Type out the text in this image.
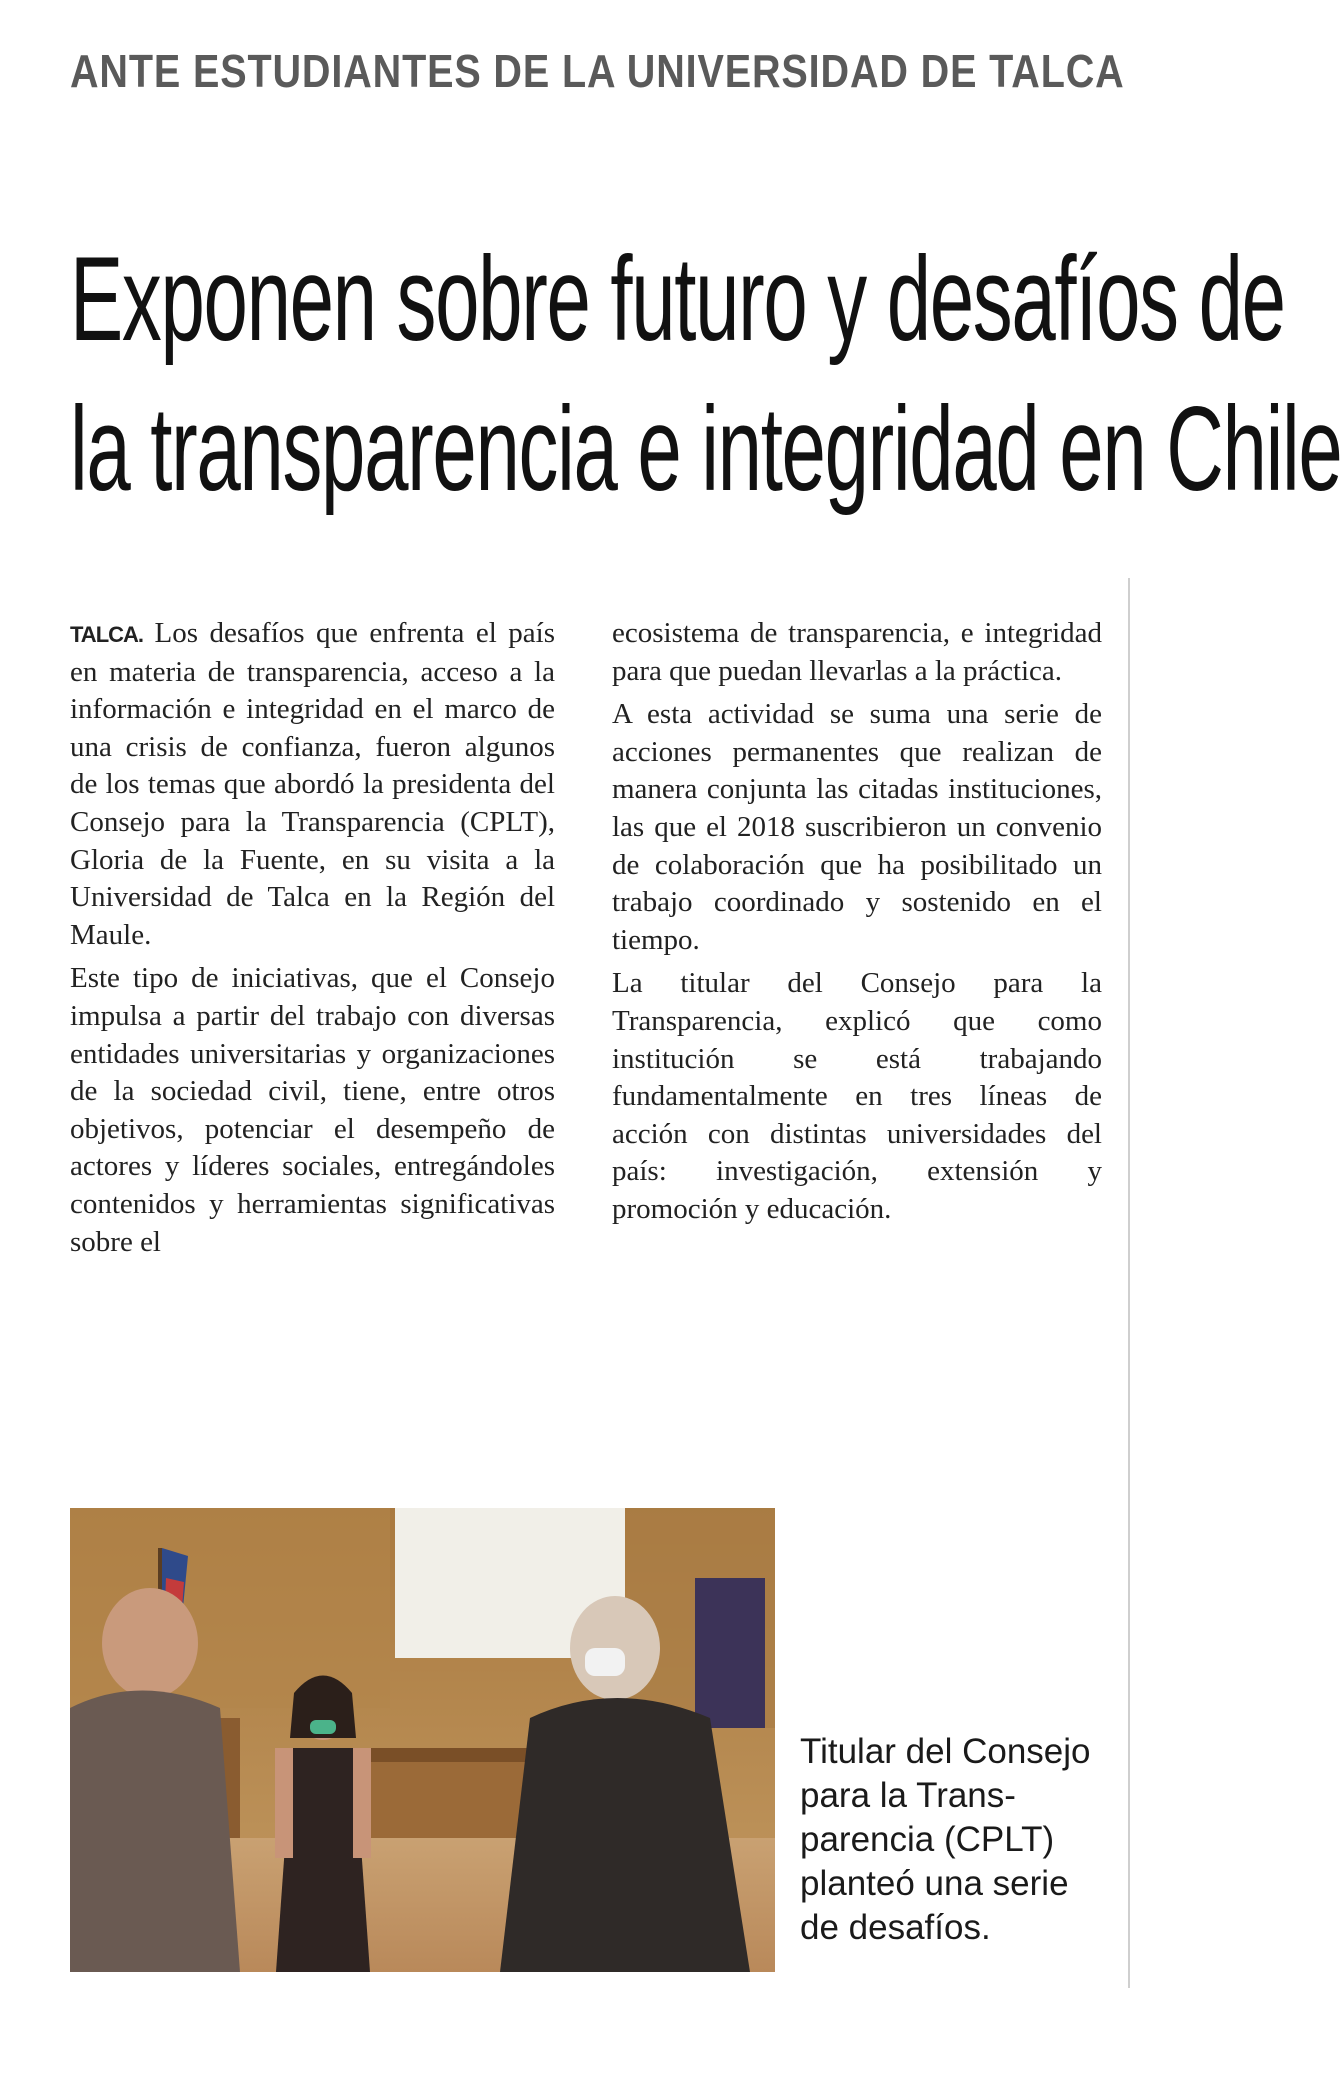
ANTE ESTUDIANTES DE LA UNIVERSIDAD DE TALCA
Exponen sobre futuro y desafíos de
la transparencia e integridad en Chile

TALCA. Los desafíos que enfrenta el país en materia de transparencia, acceso a la información e integridad en el marco de una crisis de confianza, fueron algunos de los temas que abordó la presidenta del Consejo para la Transparencia (CPLT), Gloria de la Fuente, en su visita a la Universidad de Talca en la Región del Maule.

Este tipo de iniciativas, que el Consejo impulsa a partir del trabajo con diversas entidades universitarias y organizaciones de la sociedad civil, tiene, entre otros objetivos, potenciar el desempeño de actores y líderes sociales, entregándoles contenidos y herramientas significativas sobre el

ecosistema de transparencia, e integridad para que puedan llevarlas a la práctica.

A esta actividad se suma una serie de acciones permanentes que realizan de manera conjunta las citadas instituciones, las que el 2018 suscribieron un convenio de colaboración que ha posibilitado un trabajo coordinado y sostenido en el tiempo.

La titular del Consejo para la Transparencia, explicó que como institución se está trabajando fundamentalmente en tres líneas de acción con distintas universidades del país: investigación, extensión y promoción y educación.

Titular del Consejo
para la Trans-
parencia (CPLT)
planteó una serie
de desafíos.
